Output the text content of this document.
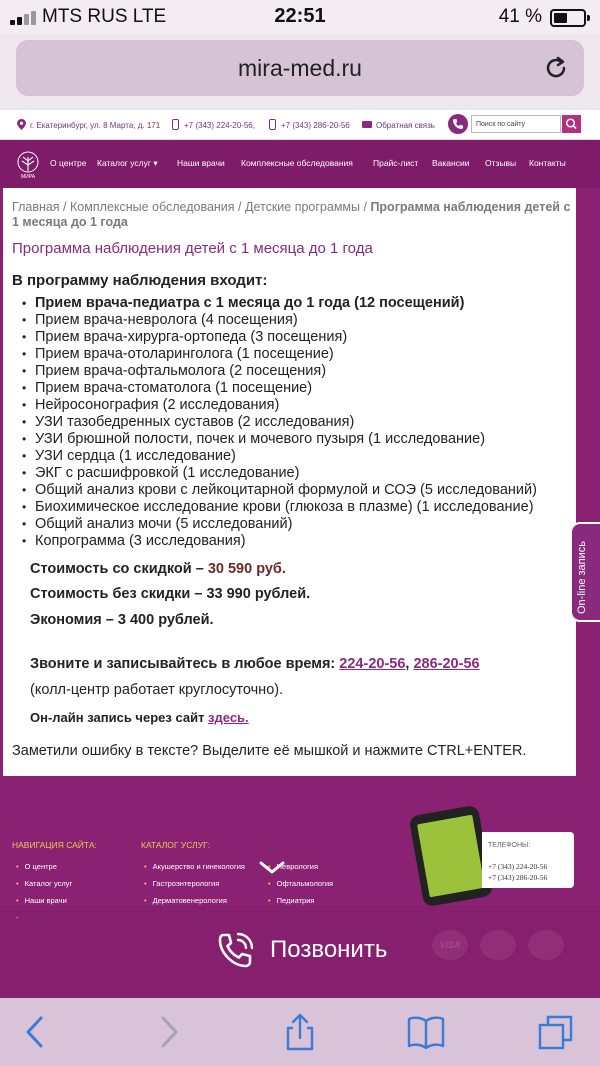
MTS RUS LTE	22:51	41 %
mira-med.ru
г. Екатеринбург, ул. 8 Марта, д. 171	+7 (343) 224-20-56,	+7 (343) 286-20-56	Обратная связь	Поиск по сайту
МИРА
О центре Каталог услуг ▾ Наши врачи Комплексные обследования Прайс-лист Вакансии Отзывы Контакты
Главная / Комплексные обследования / Детские программы / Программа наблюдения детей с 1 месяца до 1 года
Программа наблюдения детей с 1 месяца до 1 года
В программу наблюдения входит:
• Прием врача-педиатра с 1 месяца до 1 года (12 посещений)
• Прием врача-невролога (4 посещения)
• Прием врача-хирурга-ортопеда (3 посещения)
• Прием врача-отоларинголога (1 посещение)
• Прием врача-офтальмолога (2 посещения)
• Прием врача-стоматолога (1 посещение)
• Нейросонография (2 исследования)
• УЗИ тазобедренных суставов (2 исследования)
• УЗИ брюшной полости, почек и мочевого пузыря (1 исследование)
• УЗИ сердца (1 исследование)
• ЭКГ с расшифровкой (1 исследование)
• Общий анализ крови с лейкоцитарной формулой и СОЭ (5 исследований)
• Биохимическое исследование крови (глюкоза в плазме) (1 исследование)
• Общий анализ мочи (5 исследований)
• Копрограмма (3 исследования)
Стоимость со скидкой – 30 590 руб.
Стоимость без скидки – 33 990 рублей.
Экономия – 3 400 рублей.
Звоните и записывайтесь в любое время: 224-20-56, 286-20-56
(колл-центр работает круглосуточно).
Он-лайн запись через сайт здесь.
Заметили ошибку в тексте? Выделите её мышкой и нажмите CTRL+ENTER.
On-line запись
НАВИГАЦИЯ САЙТА:
• О центре
• Каталог услуг
• Наши врачи
•
КАТАЛОГ УСЛУГ:
• Акушерство и гинекология
• Гастроэнтерология
• Дерматовенерология
• Неврология
• Офтальмология
• Педиатрия
ТЕЛЕФОНЫ:
+7 (343) 224-20-56
+7 (343) 286-20-56
Позвонить
